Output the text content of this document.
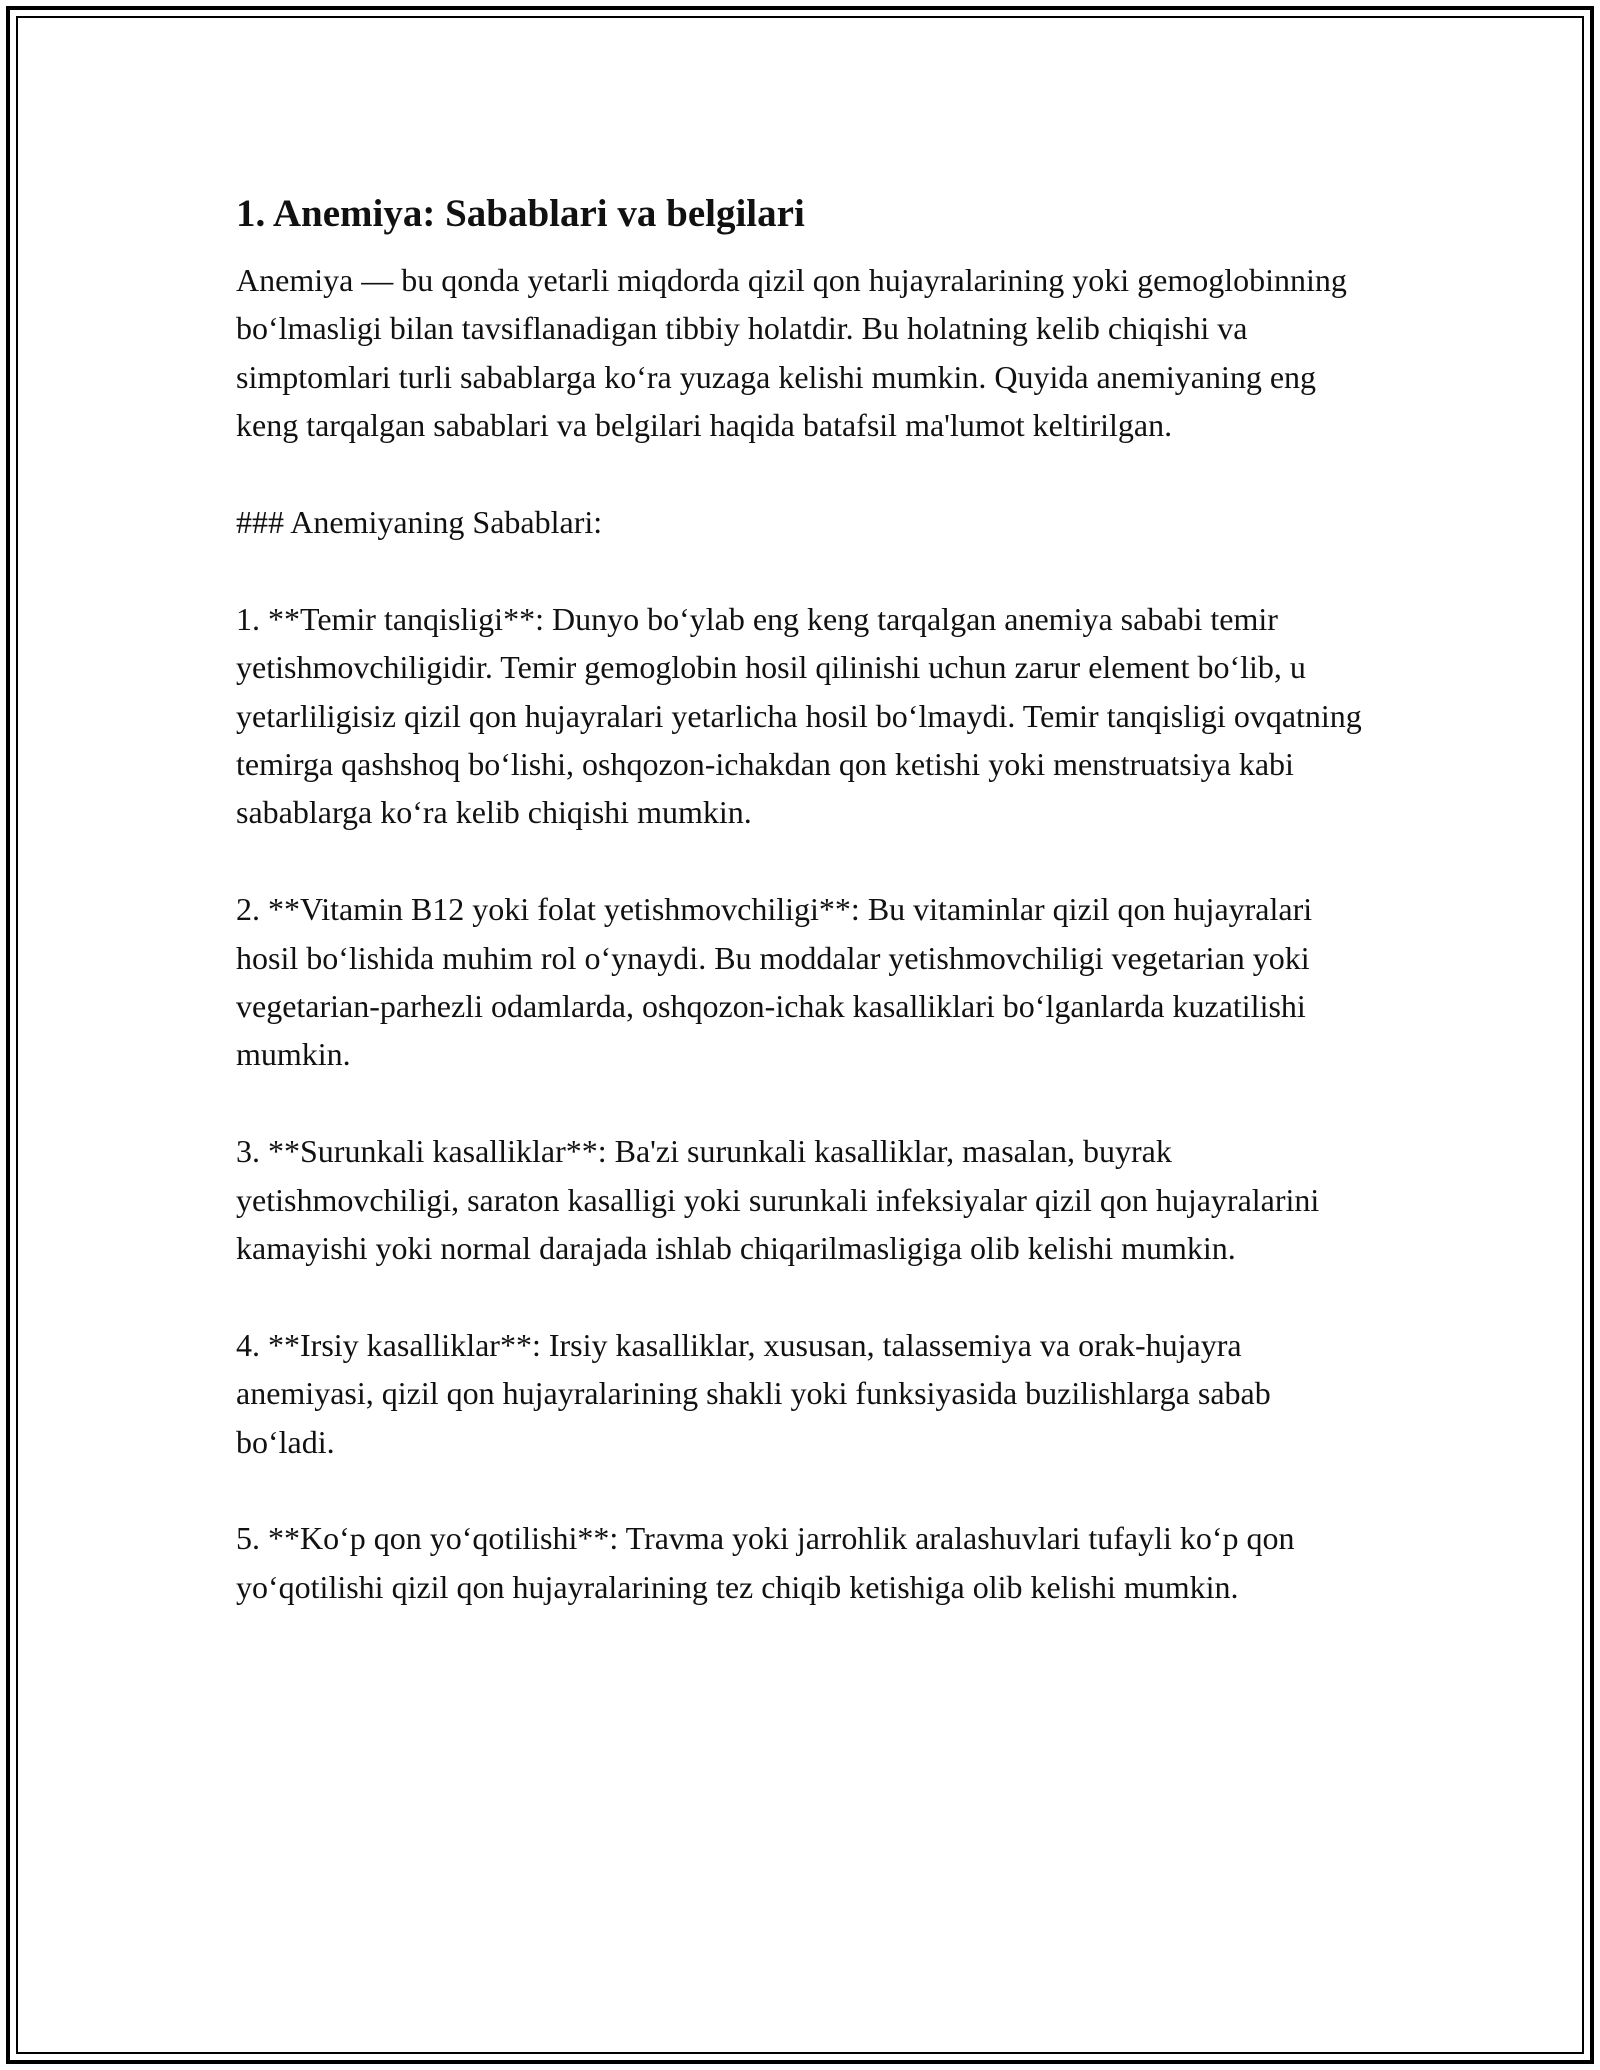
1. Anemiya: Sabablari va belgilari

Anemiya — bu qonda yetarli miqdorda qizil qon hujayralarining yoki gemoglobinning bo‘lmasligi bilan tavsiflanadigan tibbiy holatdir. Bu holatning kelib chiqishi va simptomlari turli sabablarga ko‘ra yuzaga kelishi mumkin. Quyida anemiyaning eng keng tarqalgan sabablari va belgilari haqida batafsil ma'lumot keltirilgan.

### Anemiyaning Sabablari:

1. **Temir tanqisligi**: Dunyo bo‘ylab eng keng tarqalgan anemiya sababi temir yetishmovchiligidir. Temir gemoglobin hosil qilinishi uchun zarur element bo‘lib, u yetarliligisiz qizil qon hujayralari yetarlicha hosil bo‘lmaydi. Temir tanqisligi ovqatning temirga qashshoq bo‘lishi, oshqozon-ichakdan qon ketishi yoki menstruatsiya kabi sabablarga ko‘ra kelib chiqishi mumkin.

2. **Vitamin B12 yoki folat yetishmovchiligi**: Bu vitaminlar qizil qon hujayralari hosil bo‘lishida muhim rol o‘ynaydi. Bu moddalar yetishmovchiligi vegetarian yoki vegetarian-parhezli odamlarda, oshqozon-ichak kasalliklari bo‘lganlarda kuzatilishi mumkin.

3. **Surunkali kasalliklar**: Ba'zi surunkali kasalliklar, masalan, buyrak yetishmovchiligi, saraton kasalligi yoki surunkali infeksiyalar qizil qon hujayralarini kamayishi yoki normal darajada ishlab chiqarilmasligiga olib kelishi mumkin.

4. **Irsiy kasalliklar**: Irsiy kasalliklar, xususan, talassemiya va orak-hujayra anemiyasi, qizil qon hujayralarining shakli yoki funksiyasida buzilishlarga sabab bo‘ladi.

5. **Ko‘p qon yo‘qotilishi**: Travma yoki jarrohlik aralashuvlari tufayli ko‘p qon yo‘qotilishi qizil qon hujayralarining tez chiqib ketishiga olib kelishi mumkin.
